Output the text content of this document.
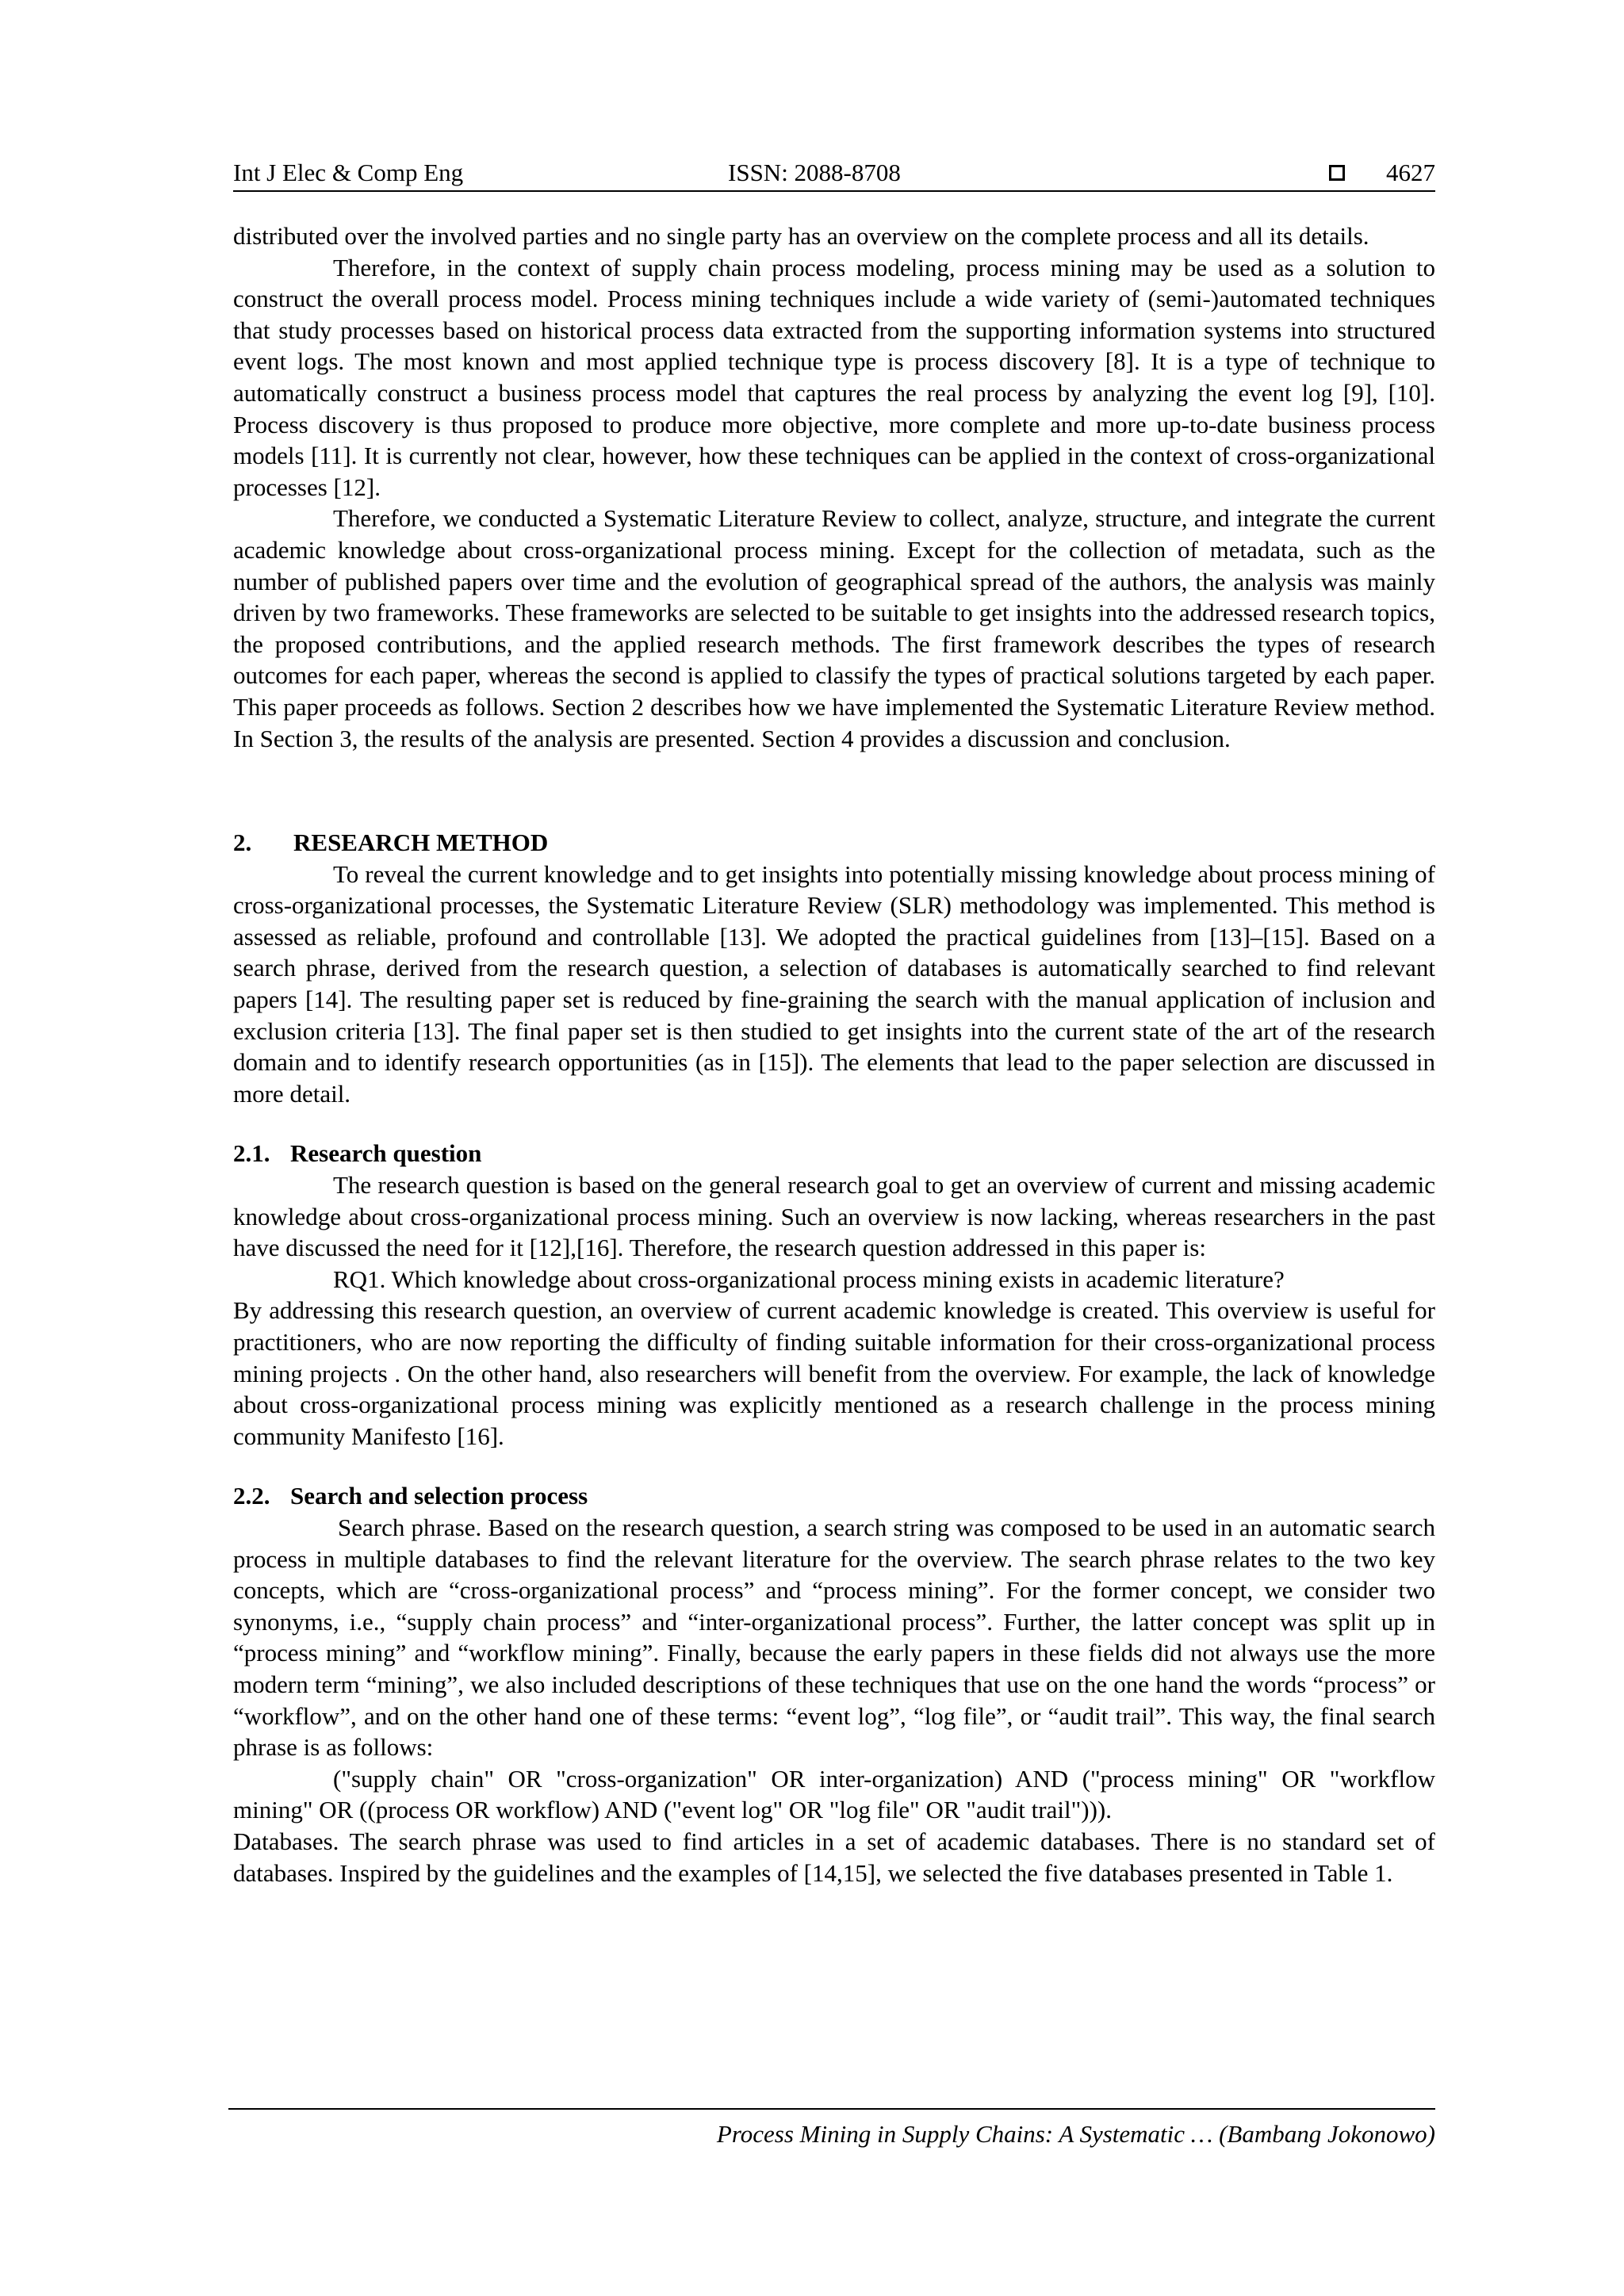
Int J Elec & Comp Eng	ISSN: 2088-8708	4627

distributed over the involved parties and no single party has an overview on the complete process and all its details.

Therefore, in the context of supply chain process modeling, process mining may be used as a solution to construct the overall process model. Process mining techniques include a wide variety of (semi-)automated techniques that study processes based on historical process data extracted from the supporting information systems into structured event logs. The most known and most applied technique type is process discovery [8]. It is a type of technique to automatically construct a business process model that captures the real process by analyzing the event log [9], [10]. Process discovery is thus proposed to produce more objective, more complete and more up-to-date business process models [11]. It is currently not clear, however, how these techniques can be applied in the context of cross-organizational processes [12].

Therefore, we conducted a Systematic Literature Review to collect, analyze, structure, and integrate the current academic knowledge about cross-organizational process mining. Except for the collection of metadata, such as the number of published papers over time and the evolution of geographical spread of the authors, the analysis was mainly driven by two frameworks. These frameworks are selected to be suitable to get insights into the addressed research topics, the proposed contributions, and the applied research methods. The first framework describes the types of research outcomes for each paper, whereas the second is applied to classify the types of practical solutions targeted by each paper. This paper proceeds as follows. Section 2 describes how we have implemented the Systematic Literature Review method. In Section 3, the results of the analysis are presented. Section 4 provides a discussion and conclusion.

2. RESEARCH METHOD

To reveal the current knowledge and to get insights into potentially missing knowledge about process mining of cross-organizational processes, the Systematic Literature Review (SLR) methodology was implemented. This method is assessed as reliable, profound and controllable [13]. We adopted the practical guidelines from [13]–[15]. Based on a search phrase, derived from the research question, a selection of databases is automatically searched to find relevant papers [14]. The resulting paper set is reduced by fine-graining the search with the manual application of inclusion and exclusion criteria [13]. The final paper set is then studied to get insights into the current state of the art of the research domain and to identify research opportunities (as in [15]). The elements that lead to the paper selection are discussed in more detail.

2.1. Research question

The research question is based on the general research goal to get an overview of current and missing academic knowledge about cross-organizational process mining. Such an overview is now lacking, whereas researchers in the past have discussed the need for it [12],[16]. Therefore, the research question addressed in this paper is:

RQ1. Which knowledge about cross-organizational process mining exists in academic literature?

By addressing this research question, an overview of current academic knowledge is created. This overview is useful for practitioners, who are now reporting the difficulty of finding suitable information for their cross-organizational process mining projects . On the other hand, also researchers will benefit from the overview. For example, the lack of knowledge about cross-organizational process mining was explicitly mentioned as a research challenge in the process mining community Manifesto [16].

2.2. Search and selection process

Search phrase. Based on the research question, a search string was composed to be used in an automatic search process in multiple databases to find the relevant literature for the overview. The search phrase relates to the two key concepts, which are “cross-organizational process” and “process mining”. For the former concept, we consider two synonyms, i.e., “supply chain process” and “inter-organizational process”. Further, the latter concept was split up in “process mining” and “workflow mining”. Finally, because the early papers in these fields did not always use the more modern term “mining”, we also included descriptions of these techniques that use on the one hand the words “process” or “workflow”, and on the other hand one of these terms: “event log”, “log file”, or “audit trail”. This way, the final search phrase is as follows:

("supply chain" OR "cross-organization" OR inter-organization) AND ("process mining" OR "workflow mining" OR ((process OR workflow) AND ("event log" OR "log file" OR "audit trail"))).

Databases. The search phrase was used to find articles in a set of academic databases. There is no standard set of databases. Inspired by the guidelines and the examples of [14,15], we selected the five databases presented in Table 1.

Process Mining in Supply Chains: A Systematic … (Bambang Jokonowo)
